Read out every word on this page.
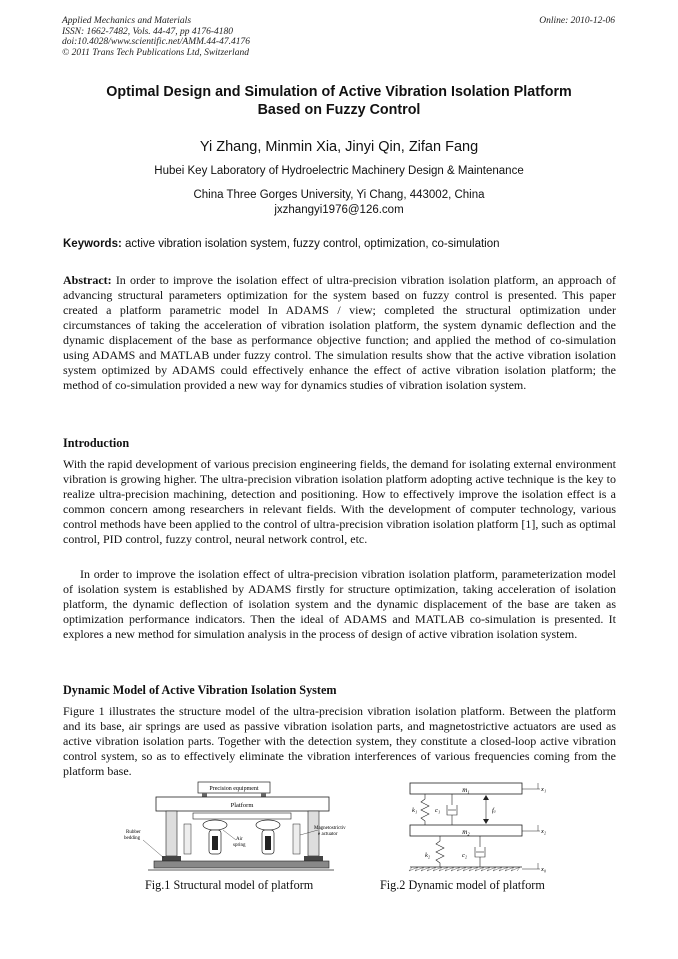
Applied Mechanics and Materials
ISSN: 1662-7482, Vols. 44-47, pp 4176-4180
doi:10.4028/www.scientific.net/AMM.44-47.4176
© 2011 Trans Tech Publications Ltd, Switzerland
Online: 2010-12-06
Optimal Design and Simulation of Active Vibration Isolation Platform
Based on Fuzzy Control
Yi Zhang, Minmin Xia, Jinyi Qin, Zifan Fang
Hubei Key Laboratory of Hydroelectric Machinery Design & Maintenance
China Three Gorges University, Yi Chang, 443002, China
jxzhangyi1976@126.com
Keywords: active vibration isolation system, fuzzy control, optimization, co-simulation
Abstract: In order to improve the isolation effect of ultra-precision vibration isolation platform, an approach of advancing structural parameters optimization for the system based on fuzzy control is presented. This paper created a platform parametric model In ADAMS / view; completed the structural optimization under circumstances of taking the acceleration of vibration isolation platform, the system dynamic deflection and the dynamic displacement of the base as performance objective function; and applied the method of co-simulation using ADAMS and MATLAB under fuzzy control. The simulation results show that the active vibration isolation system optimized by ADAMS could effectively enhance the effect of active vibration isolation platform; the method of co-simulation provided a new way for dynamics studies of vibration isolation system.
Introduction
With the rapid development of various precision engineering fields, the demand for isolating external environment vibration is growing higher. The ultra-precision vibration isolation platform adopting active technique is the key to realize ultra-precision machining, detection and positioning. How to effectively improve the isolation effect is a common concern among researchers in relevant fields. With the development of computer technology, various control methods have been applied to the control of ultra-precision vibration isolation platform [1], such as optimal control, PID control, fuzzy control, neural network control, etc.
In order to improve the isolation effect of ultra-precision vibration isolation platform, parameterization model of isolation system is established by ADAMS firstly for structure optimization, taking acceleration of isolation platform, the dynamic deflection of isolation system and the dynamic displacement of the base are taken as optimization performance indicators. Then the ideal of ADAMS and MATLAB co-simulation is presented. It explores a new method for simulation analysis in the process of design of active vibration isolation system.
Dynamic Model of Active Vibration Isolation System
Figure 1 illustrates the structure model of the ultra-precision vibration isolation platform. Between the platform and its base, air springs are used as passive vibration isolation parts, and magnetostrictive actuators are used as active vibration isolation parts. Together with the detection system, they constitute a closed-loop active vibration control system, so as to effectively eliminate the vibration interferences of various frequencies coming from the platform base.
Precision equipment
Platform
Rubber
bedding	Air
spring
Magnetostrictiv
e actuator
m₁	x₁
k₁	c₁	fₐ
m₂	x₂
k₂	c₂
x₀
Fig.1 Structural model of platform	Fig.2 Dynamic model of platform
